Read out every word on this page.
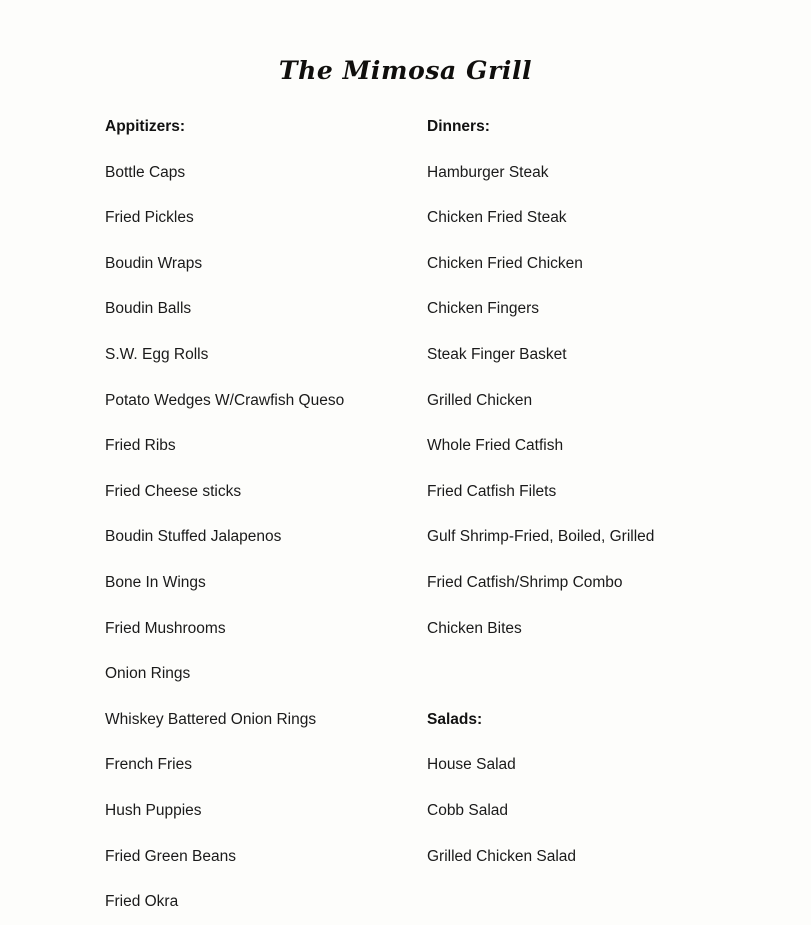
The Mimosa Grill
Appitizers:
Bottle Caps
Fried Pickles
Boudin Wraps
Boudin Balls
S.W. Egg Rolls
Potato Wedges W/Crawfish Queso
Fried Ribs
Fried Cheese sticks
Boudin Stuffed Jalapenos
Bone In Wings
Fried Mushrooms
Onion Rings
Whiskey Battered Onion Rings
French Fries
Hush Puppies
Fried Green Beans
Fried Okra
Dinners:
Hamburger Steak
Chicken Fried Steak
Chicken Fried Chicken
Chicken Fingers
Steak Finger Basket
Grilled Chicken
Whole Fried Catfish
Fried Catfish Filets
Gulf Shrimp-Fried, Boiled, Grilled
Fried Catfish/Shrimp Combo
Chicken Bites
Salads:
House Salad
Cobb Salad
Grilled Chicken Salad
